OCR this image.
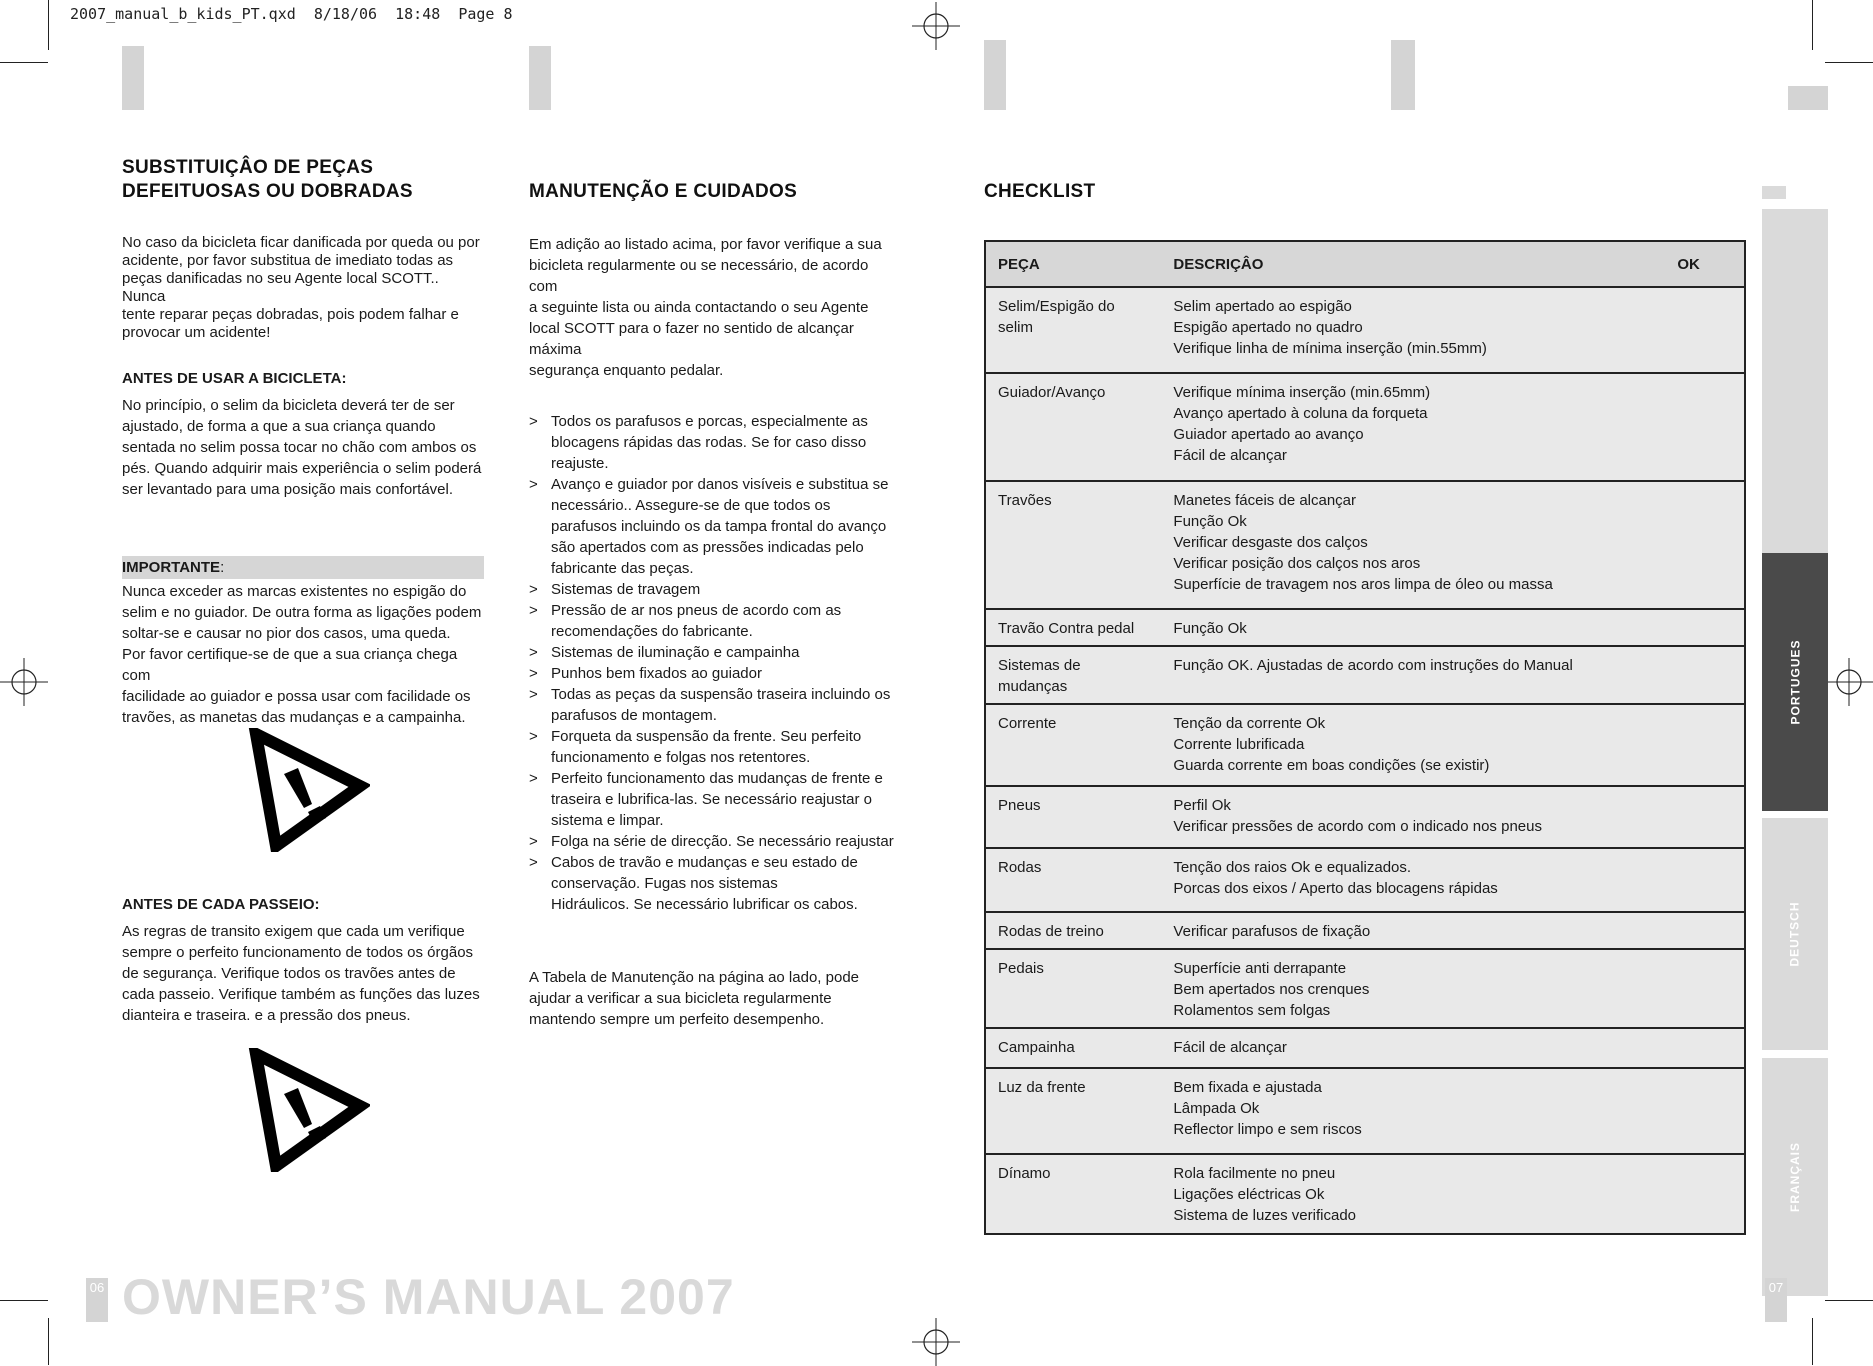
2007_manual_b_kids_PT.qxd  8/18/06  18:48  Page 8
PORTUGUES
DEUTSCH
FRANÇAIS
SUBSTITUIÇÂO DE PEÇAS
DEFEITUOSAS OU DOBRADAS

No caso da bicicleta ficar danificada por queda ou por
acidente, por favor substitua de imediato todas as
peças danificadas no seu Agente local SCOTT.. Nunca
tente reparar peças dobradas, pois podem falhar e
provocar um acidente!

ANTES DE USAR A BICICLETA:

No princípio, o selim da bicicleta deverá ter de ser
ajustado, de forma a que a sua criança quando
sentada no selim possa tocar no chão com ambos os
pés. Quando adquirir mais experiência o selim poderá
ser levantado para uma posição mais confortável.

IMPORTANTE:

Nunca exceder as marcas existentes no espigão do
selim e no guiador. De outra forma as ligações podem
soltar-se e causar no pior dos casos, uma queda.
Por favor certifique-se de que a sua criança chega com
facilidade ao guiador e possa usar com facilidade os
travões, as manetas das mudanças e a campainha.

ANTES DE CADA PASSEIO:

As regras de transito exigem que cada um verifique
sempre o perfeito funcionamento de todos os órgãos
de segurança. Verifique todos os travões antes de
cada passeio. Verifique também as funções das luzes
dianteira e traseira. e a pressão dos pneus.

MANUTENÇÃO E CUIDADOS

Em adição ao listado acima, por favor verifique a sua
bicicleta regularmente ou se necessário, de acordo com
a seguinte lista ou ainda contactando o seu Agente
local SCOTT para o fazer no sentido de alcançar máxima
segurança enquanto pedalar.

> Todos os parafusos e porcas, especialmente as
blocagens rápidas das rodas. Se for caso disso
reajuste.
> Avanço e guiador por danos visíveis e substitua se
necessário.. Assegure-se de que todos os
parafusos incluindo os da tampa frontal do avanço
são apertados com as pressões indicadas pelo
fabricante das peças.
> Sistemas de travagem
> Pressão de ar nos pneus de acordo com as
recomendações do fabricante.
> Sistemas de iluminação e campainha
> Punhos bem fixados ao guiador
> Todas as peças da suspensão traseira incluindo os
parafusos de montagem.
> Forqueta da suspensão da frente. Seu perfeito
funcionamento e folgas nos retentores.
> Perfeito funcionamento das mudanças de frente e
traseira e lubrifica-las. Se necessário reajustar o
sistema e limpar.
> Folga na série de direcção. Se necessário reajustar
> Cabos de travão e mudanças e seu estado de
conservação. Fugas nos sistemas
Hidráulicos. Se necessário lubrificar os cabos.

A Tabela de Manutenção na página ao lado, pode
ajudar a verificar a sua bicicleta regularmente
mantendo sempre um perfeito desempenho.

CHECKLIST
PEÇA	DESCRIÇÂO	OK
Selim/Espigão do selim	Selim apertado ao espigão
Espigão apertado no quadro
Verifique linha de mínima inserção (min.55mm)	

Guiador/Avanço	Verifique mínima inserção (min.65mm)
Avanço apertado à coluna da forqueta
Guiador apertado ao avanço
Fácil de alcançar	

Travões	Manetes fáceis de alcançar
Função Ok
Verificar desgaste dos calços
Verificar posição dos calços nos aros
Superfície de travagem nos aros limpa de óleo ou massa	

Travão Contra pedal	Função Ok	

Sistemas de mudanças	Função OK. Ajustadas de acordo com instruções do Manual	

Corrente	Tenção da corrente Ok
Corrente lubrificada
Guarda corrente em boas condições (se existir)	

Pneus	Perfil Ok
Verificar pressões de acordo com o indicado nos pneus	

Rodas	Tenção dos raios Ok e equalizados.
Porcas dos eixos / Aperto das blocagens rápidas	

Rodas de treino	Verificar parafusos de fixação	

Pedais	Superfície anti derrapante
Bem apertados nos crenques
Rolamentos sem folgas	

Campainha	Fácil de alcançar	

Luz da frente	Bem fixada e ajustada
Lâmpada Ok
Reflector limpo e sem riscos	

Dínamo	Rola facilmente no pneu
Ligações eléctricas Ok
Sistema de luzes verificado	

06 OWNER’S MANUAL 2007	07
